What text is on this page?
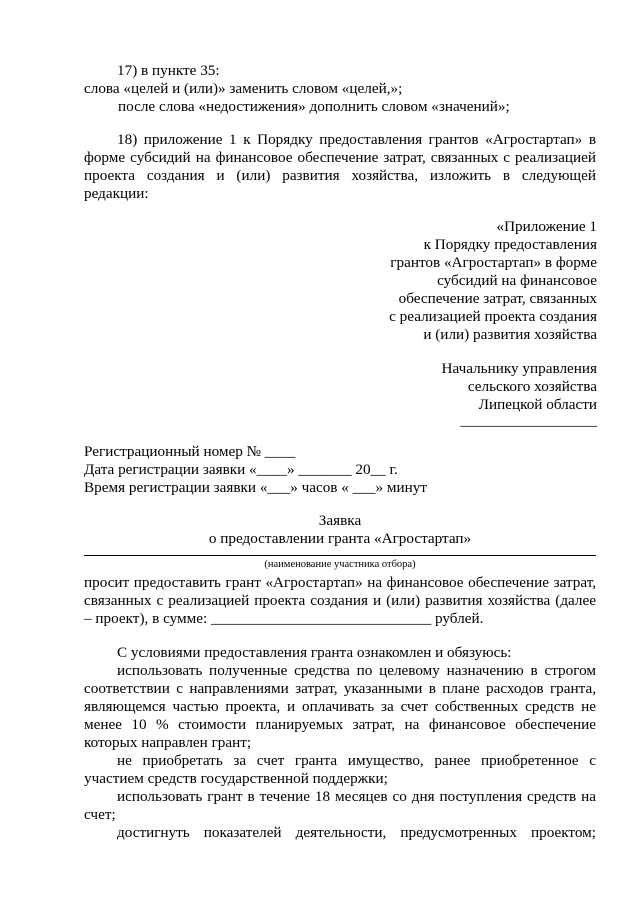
17) в пункте 35:
слова «целей и (или)» заменить словом «целей,»;
после слова «недостижения» дополнить словом «значений»;
18) приложение 1 к Порядку предоставления грантов «Агростартап» в
форме субсидий на финансовое обеспечение затрат, связанных с реализацией
проекта создания и (или) развития хозяйства, изложить в следующей
редакции:
«Приложение 1
к Порядку предоставления
грантов «Агростартап» в форме
субсидий на финансовое
обеспечение затрат, связанных
с реализацией проекта создания
и (или) развития хозяйства
Начальнику управления
сельского хозяйства
Липецкой области
__________________
Регистрационный номер № ____
Дата регистрации заявки «____» _______ 20__ г.
Время регистрации заявки «___» часов « ___» минут
Заявка
о предоставлении гранта «Агростартап»
(наименование участника отбора)
просит предоставить грант «Агростартап» на финансовое обеспечение затрат,
связанных с реализацией проекта создания и (или) развития хозяйства (далее
– проект), в сумме: _____________________________ рублей.
С условиями предоставления гранта ознакомлен и обязуюсь:
использовать полученные средства по целевому назначению в строгом
соответствии с направлениями затрат, указанными в плане расходов гранта,
являющемся частью проекта, и оплачивать за счет собственных средств не
менее 10 % стоимости планируемых затрат, на финансовое обеспечение
которых направлен грант;
не приобретать за счет гранта имущество, ранее приобретенное с
участием средств государственной поддержки;
использовать грант в течение 18 месяцев со дня поступления средств на
счет;
достигнуть показателей деятельности, предусмотренных проектом;
